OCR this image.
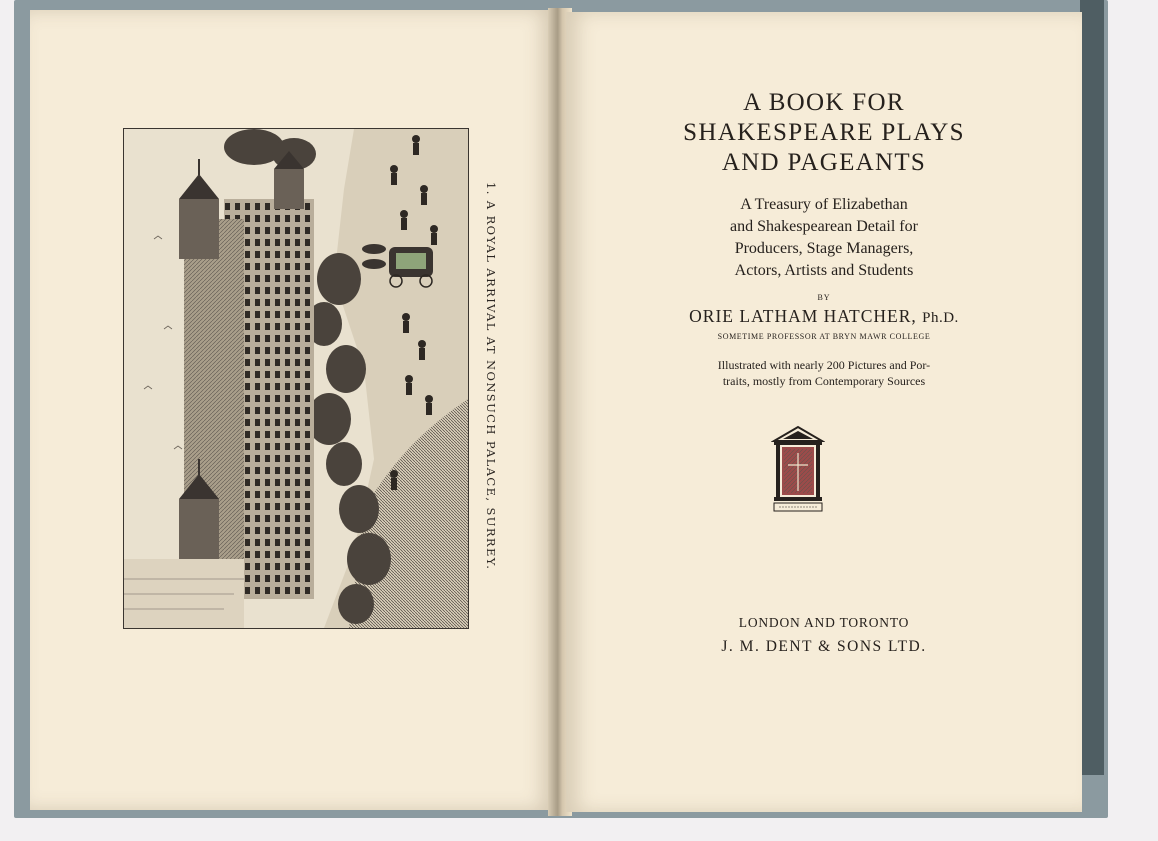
1. A ROYAL ARRIVAL AT NONSUCH PALACE, SURREY.
A BOOK FOR
SHAKESPEARE PLAYS
AND PAGEANTS
A Treasury of Elizabethan
and Shakespearean Detail for
Producers, Stage Managers,
Actors, Artists and Students
BY
ORIE LATHAM HATCHER, Ph.D.
SOMETIME PROFESSOR AT BRYN MAWR COLLEGE
Illustrated with nearly 200 Pictures and Por-
traits, mostly from Contemporary Sources
LONDON AND TORONTO
J. M. DENT & SONS LTD.
